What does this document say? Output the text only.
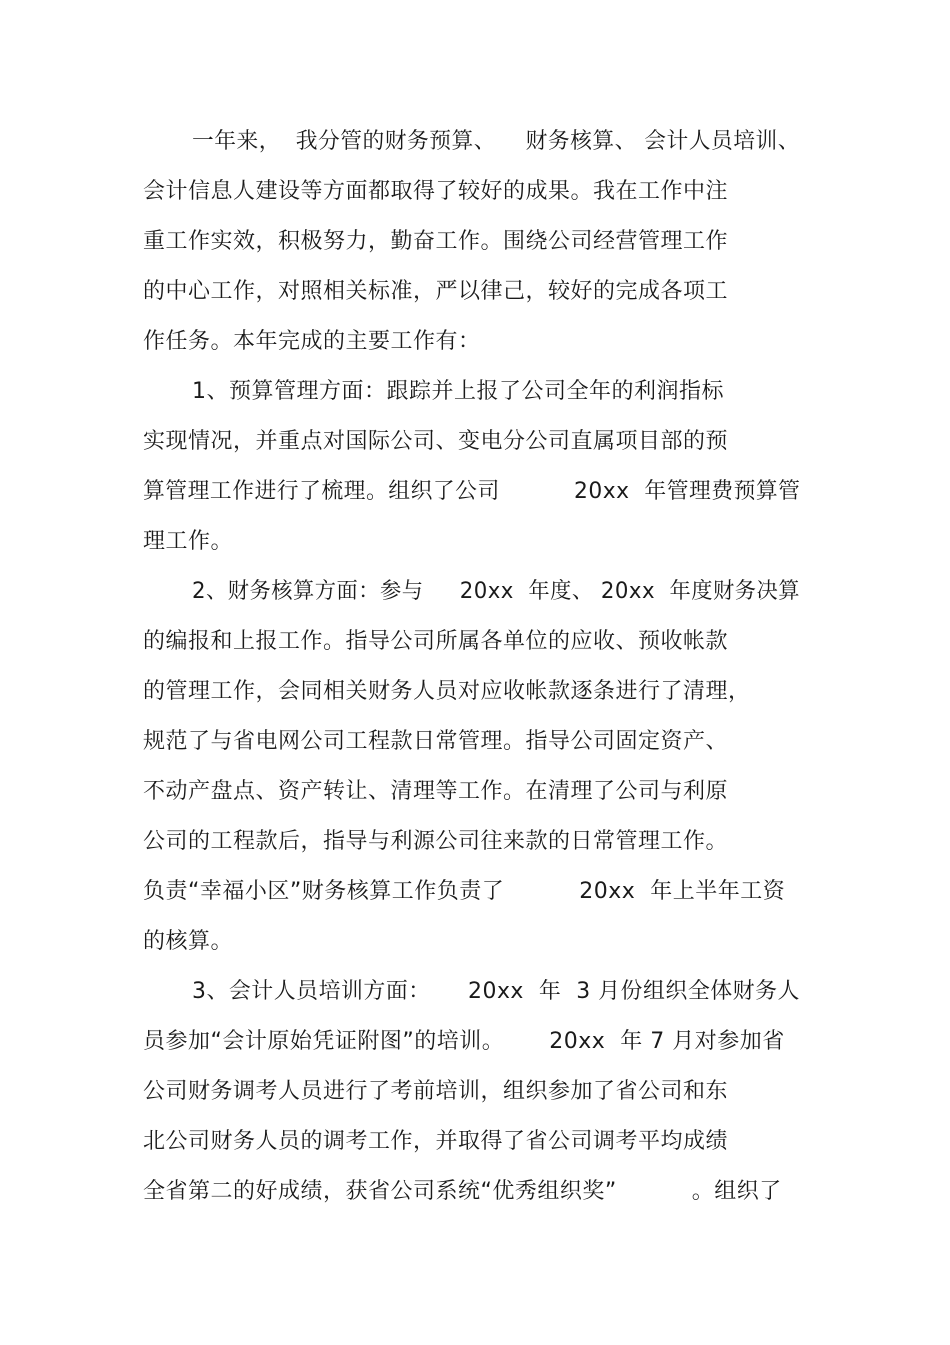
一年来，  我分管的财务预算、    财务核算、 会计人员培训、
会计信息人建设等方面都取得了较好的成果。我在工作中注
重工作实效，积极努力，勤奋工作。围绕公司经营管理工作
的中心工作，对照相关标准，严以律己，较好的完成各项工
作任务。本年完成的主要工作有：
1、预算管理方面：跟踪并上报了公司全年的利润指标
实现情况，并重点对国际公司、变电分公司直属项目部的预
算管理工作进行了梳理。组织了公司          20xx  年管理费预算管
理工作。
2、财务核算方面：参与     20xx  年度、 20xx  年度财务决算
的编报和上报工作。指导公司所属各单位的应收、预收帐款
的管理工作，会同相关财务人员对应收帐款逐条进行了清理，
规范了与省电网公司工程款日常管理。指导公司固定资产、
不动产盘点、资产转让、清理等工作。在清理了公司与利原
公司的工程款后，指导与利源公司往来款的日常管理工作。
负责“幸福小区”财务核算工作负责了          20xx  年上半年工资
的核算。
3、会计人员培训方面：     20xx  年  3 月份组织全体财务人
员参加“会计原始凭证附图”的培训。      20xx  年 7 月对参加省
公司财务调考人员进行了考前培训，组织参加了省公司和东
北公司财务人员的调考工作，并取得了省公司调考平均成绩
全省第二的好成绩，获省公司系统“优秀组织奖”          。组织了
